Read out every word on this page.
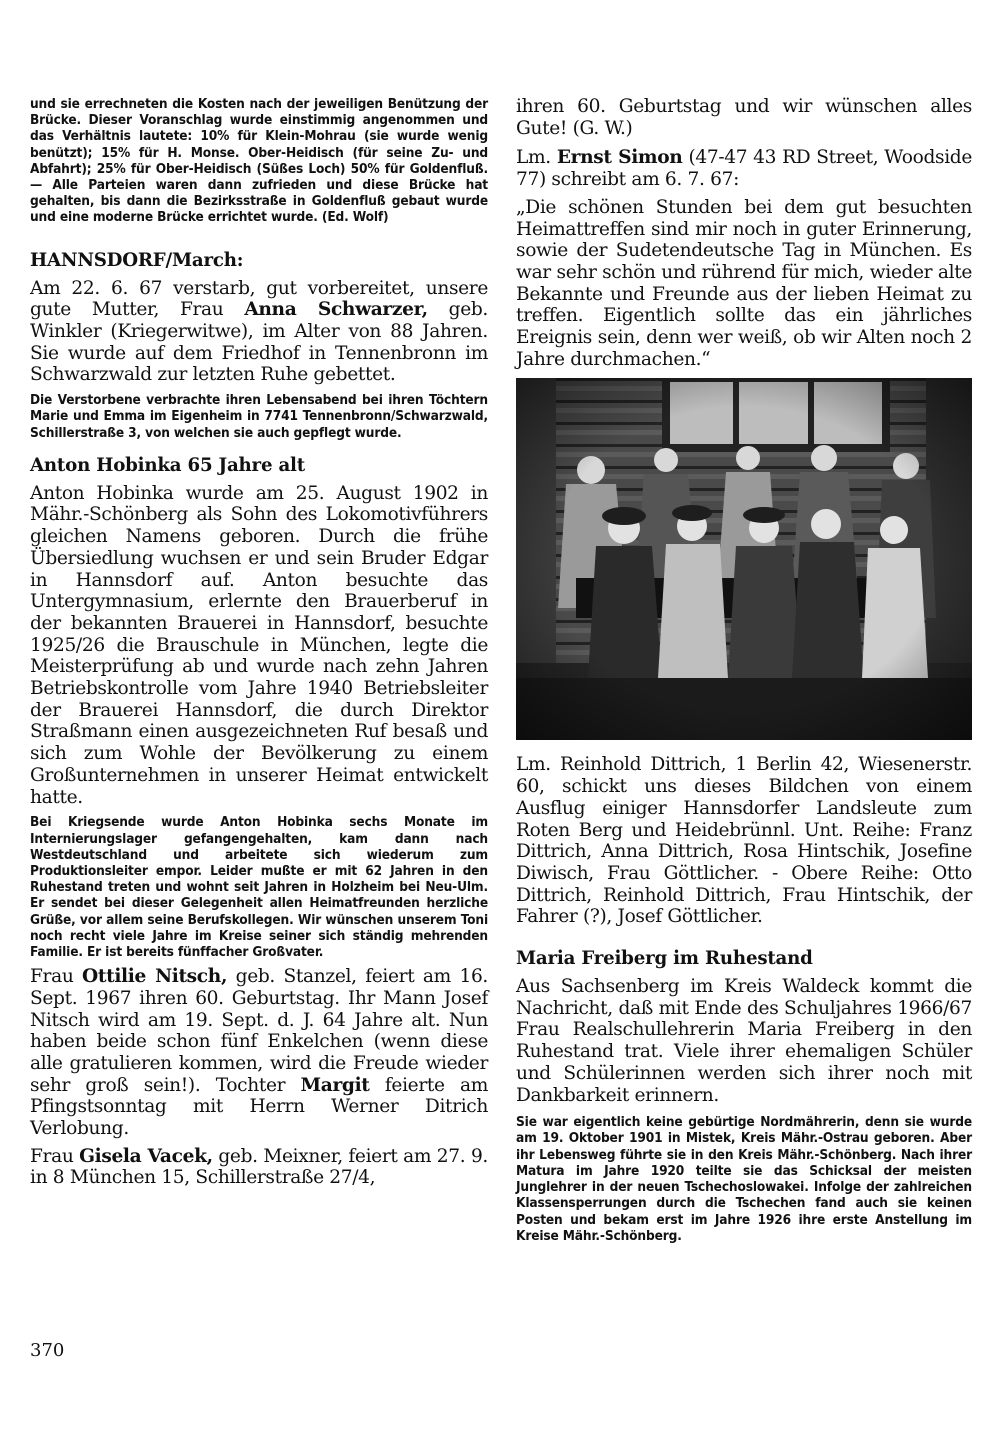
und sie errechneten die Kosten nach der jeweiligen Benützung der Brücke. Dieser Voranschlag wurde einstimmig angenommen und das Verhältnis lautete: 10% für Klein-Mohrau (sie wurde wenig benützt); 15% für H. Monse. Ober-Heidisch (für seine Zu- und Abfahrt); 25% für Ober-Heidisch (Süßes Loch) 50% für Goldenfluß. — Alle Parteien waren dann zufrieden und diese Brücke hat gehalten, bis dann die Bezirksstraße in Goldenfluß gebaut wurde und eine moderne Brücke errichtet wurde. (Ed. Wolf)

HANNSDORF/March:

Am 22. 6. 67 verstarb, gut vorbereitet, unsere gute Mutter, Frau Anna Schwarzer, geb. Winkler (Kriegerwitwe), im Alter von 88 Jahren. Sie wurde auf dem Friedhof in Tennenbronn im Schwarzwald zur letzten Ruhe gebettet.

Die Verstorbene verbrachte ihren Lebensabend bei ihren Töchtern Marie und Emma im Eigenheim in 7741 Tennenbronn/Schwarzwald, Schillerstraße 3, von welchen sie auch gepflegt wurde.

Anton Hobinka 65 Jahre alt

Anton Hobinka wurde am 25. August 1902 in Mähr.-Schönberg als Sohn des Lokomotivführers gleichen Namens geboren. Durch die frühe Übersiedlung wuchsen er und sein Bruder Edgar in Hannsdorf auf. Anton besuchte das Untergymnasium, erlernte den Brauerberuf in der bekannten Brauerei in Hannsdorf, besuchte 1925/26 die Brauschule in München, legte die Meisterprüfung ab und wurde nach zehn Jahren Betriebskontrolle vom Jahre 1940 Betriebsleiter der Brauerei Hannsdorf, die durch Direktor Straßmann einen ausgezeichneten Ruf besaß und sich zum Wohle der Bevölkerung zu einem Großunternehmen in unserer Heimat entwickelt hatte.

Bei Kriegsende wurde Anton Hobinka sechs Monate im Internierungslager gefangengehalten, kam dann nach Westdeutschland und arbeitete sich wiederum zum Produktionsleiter empor. Leider mußte er mit 62 Jahren in den Ruhestand treten und wohnt seit Jahren in Holzheim bei Neu-Ulm. Er sendet bei dieser Gelegenheit allen Heimatfreunden herzliche Grüße, vor allem seine Berufskollegen. Wir wünschen unserem Toni noch recht viele Jahre im Kreise seiner sich ständig mehrenden Familie. Er ist bereits fünffacher Großvater.

Frau Ottilie Nitsch, geb. Stanzel, feiert am 16. Sept. 1967 ihren 60. Geburtstag. Ihr Mann Josef Nitsch wird am 19. Sept. d. J. 64 Jahre alt. Nun haben beide schon fünf Enkelchen (wenn diese alle gratulieren kommen, wird die Freude wieder sehr groß sein!). Tochter Margit feierte am Pfingstsonntag mit Herrn Werner Ditrich Verlobung.

Frau Gisela Vacek, geb. Meixner, feiert am 27. 9. in 8 München 15, Schillerstraße 27/4,

ihren 60. Geburtstag und wir wünschen alles Gute! (G. W.)

Lm. Ernst Simon (47-47 43 RD Street, Woodside 77) schreibt am 6. 7. 67:

„Die schönen Stunden bei dem gut besuchten Heimattreffen sind mir noch in guter Erinnerung, sowie der Sudetendeutsche Tag in München. Es war sehr schön und rührend für mich, wieder alte Bekannte und Freunde aus der lieben Heimat zu treffen. Eigentlich sollte das ein jährliches Ereignis sein, denn wer weiß, ob wir Alten noch 2 Jahre durchmachen.“

Lm. Reinhold Dittrich, 1 Berlin 42, Wiesenerstr. 60, schickt uns dieses Bildchen von einem Ausflug einiger Hannsdorfer Landsleute zum Roten Berg und Heidebrünnl. Unt. Reihe: Franz Dittrich, Anna Dittrich, Rosa Hintschik, Josefine Diwisch, Frau Göttlicher. - Obere Reihe: Otto Dittrich, Reinhold Dittrich, Frau Hintschik, der Fahrer (?), Josef Göttlicher.

Maria Freiberg im Ruhestand

Aus Sachsenberg im Kreis Waldeck kommt die Nachricht, daß mit Ende des Schuljahres 1966/67 Frau Realschullehrerin Maria Freiberg in den Ruhestand trat. Viele ihrer ehemaligen Schüler und Schülerinnen werden sich ihrer noch mit Dankbarkeit erinnern.

Sie war eigentlich keine gebürtige Nordmährerin, denn sie wurde am 19. Oktober 1901 in Mistek, Kreis Mähr.-Ostrau geboren. Aber ihr Lebensweg führte sie in den Kreis Mähr.-Schönberg. Nach ihrer Matura im Jahre 1920 teilte sie das Schicksal der meisten Junglehrer in der neuen Tschechoslowakei. Infolge der zahlreichen Klassensperrungen durch die Tschechen fand auch sie keinen Posten und bekam erst im Jahre 1926 ihre erste Anstellung im Kreise Mähr.-Schönberg.

370
